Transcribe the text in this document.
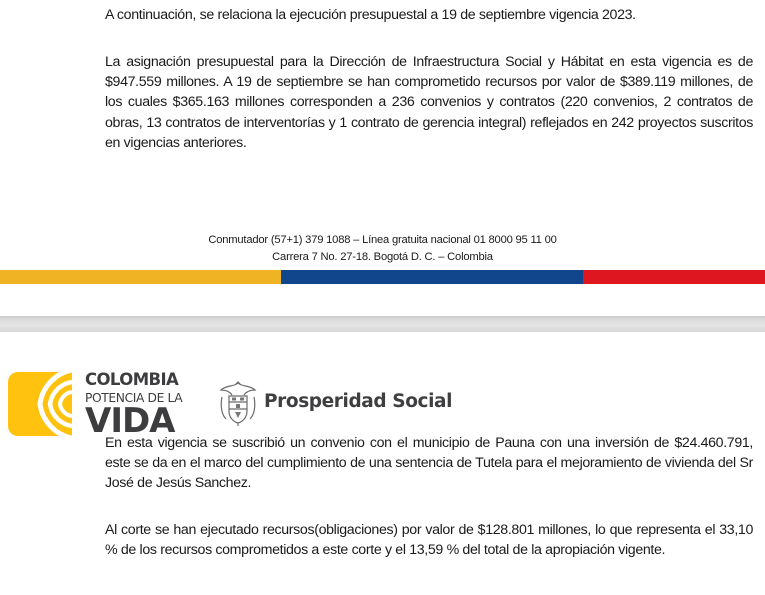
A continuación, se relaciona la ejecución presupuestal a 19 de septiembre vigencia 2023.

La asignación presupuestal para la Dirección de Infraestructura Social y Hábitat en esta vigencia es de $947.559 millones. A 19 de septiembre se han comprometido recursos por valor de $389.119 millones, de los cuales $365.163 millones corresponden a 236 convenios y contratos (220 convenios, 2 contratos de obras, 13 contratos de interventorías y 1 contrato de gerencia integral) reflejados en 242 proyectos suscritos en vigencias anteriores.

Conmutador (57+1) 379 1088 – Línea gratuita nacional 01 8000 95 11 00
Carrera 7 No. 27-18. Bogotá D. C. – Colombia
COLOMBIA
POTENCIA DE LA
VIDA	Prosperidad Social

En esta vigencia se suscribió un convenio con el municipio de Pauna con una inversión de $24.460.791, este se da en el marco del cumplimiento de una sentencia de Tutela para el mejoramiento de vivienda del Sr José de Jesús Sanchez.

Al corte se han ejecutado recursos(obligaciones) por valor de $128.801 millones, lo que representa el 33,10 % de los recursos comprometidos a este corte y el 13,59 % del total de la apropiación vigente.
